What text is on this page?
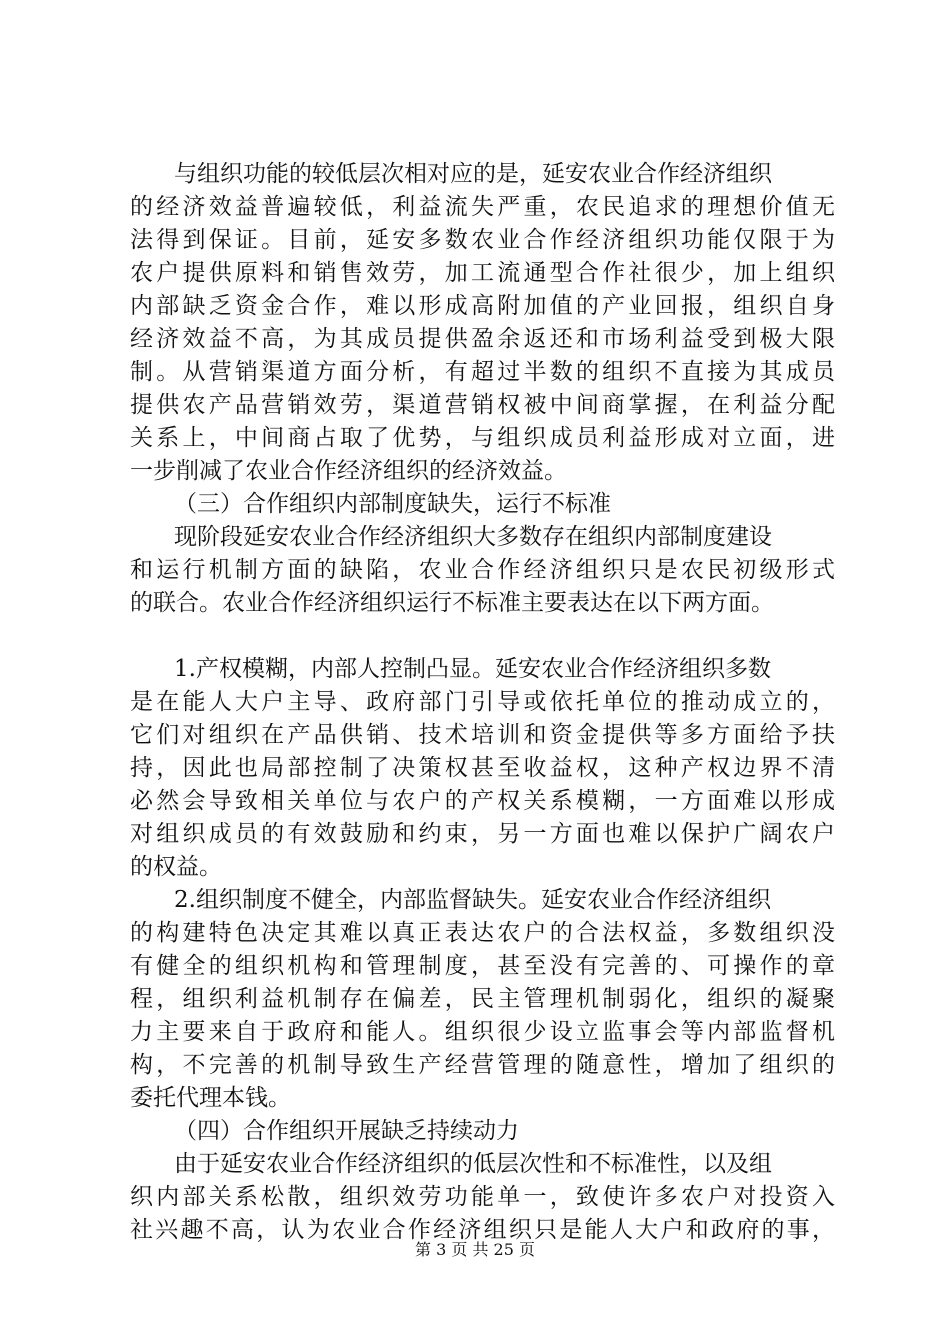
与组织功能的较低层次相对应的是，延安农业合作经济组织
的经济效益普遍较低，利益流失严重，农民追求的理想价值无
法得到保证。目前，延安多数农业合作经济组织功能仅限于为
农户提供原料和销售效劳，加工流通型合作社很少，加上组织
内部缺乏资金合作，难以形成高附加值的产业回报，组织自身
经济效益不高，为其成员提供盈余返还和市场利益受到极大限
制。从营销渠道方面分析，有超过半数的组织不直接为其成员
提供农产品营销效劳，渠道营销权被中间商掌握，在利益分配
关系上，中间商占取了优势，与组织成员利益形成对立面，进
一步削减了农业合作经济组织的经济效益。
（三）合作组织内部制度缺失，运行不标准
现阶段延安农业合作经济组织大多数存在组织内部制度建设
和运行机制方面的缺陷，农业合作经济组织只是农民初级形式
的联合。农业合作经济组织运行不标准主要表达在以下两方面。
1.产权模糊，内部人控制凸显。延安农业合作经济组织多数
是在能人大户主导、政府部门引导或依托单位的推动成立的，
它们对组织在产品供销、技术培训和资金提供等多方面给予扶
持，因此也局部控制了决策权甚至收益权，这种产权边界不清
必然会导致相关单位与农户的产权关系模糊，一方面难以形成
对组织成员的有效鼓励和约束，另一方面也难以保护广阔农户
的权益。
2.组织制度不健全，内部监督缺失。延安农业合作经济组织
的构建特色决定其难以真正表达农户的合法权益，多数组织没
有健全的组织机构和管理制度，甚至没有完善的、可操作的章
程，组织利益机制存在偏差，民主管理机制弱化，组织的凝聚
力主要来自于政府和能人。组织很少设立监事会等内部监督机
构，不完善的机制导致生产经营管理的随意性，增加了组织的
委托代理本钱。
（四）合作组织开展缺乏持续动力
由于延安农业合作经济组织的低层次性和不标准性，以及组
织内部关系松散，组织效劳功能单一，致使许多农户对投资入
社兴趣不高，认为农业合作经济组织只是能人大户和政府的事，
第 3 页 共 25 页
